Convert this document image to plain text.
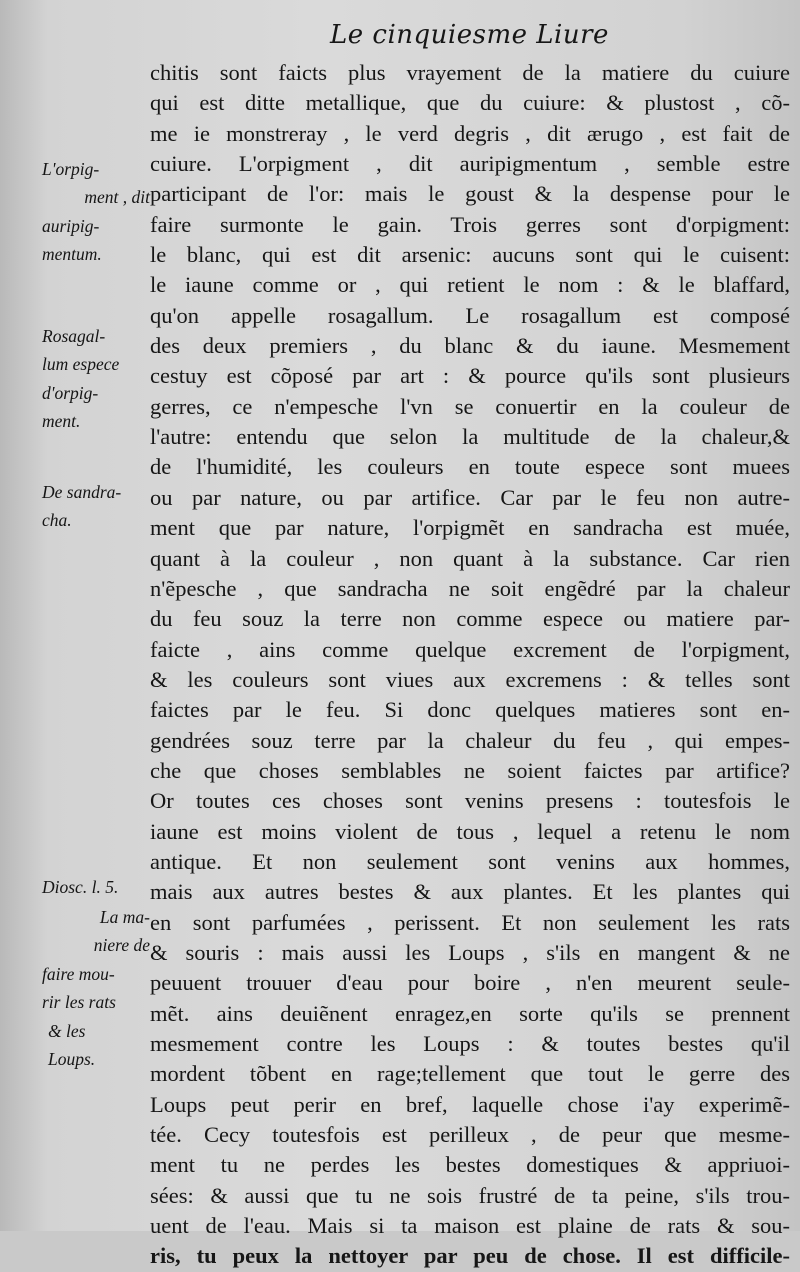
Le cinquiesme Liure
chitis sont faicts plus vrayement de la matiere du cuiure
qui est ditte metallique, que du cuiure: & plustost , cõ-
me ie monstreray , le verd degris , dit ærugo , est fait de
cuiure. L'orpigment , dit auripigmentum , semble estre
participant de l'or: mais le goust & la despense pour le
faire surmonte le gain. Trois gerres sont d'orpigment:
le blanc, qui est dit arsenic: aucuns sont qui le cuisent:
le iaune comme or , qui retient le nom : & le blaffard,
qu'on appelle rosagallum. Le rosagallum est composé
des deux premiers , du blanc & du iaune. Mesmement
cestuy est cõposé par art : & pource qu'ils sont plusieurs
gerres, ce n'empesche l'vn se conuertir en la couleur de
l'autre: entendu que selon la multitude de la chaleur,&
de l'humidité, les couleurs en toute espece sont muees
ou par nature, ou par artifice. Car par le feu non autre-
ment que par nature, l'orpigmẽt en sandracha est muée,
quant à la couleur , non quant à la substance. Car rien
n'ẽpesche , que sandracha ne soit engẽdré par la chaleur
du feu souz la terre non comme espece ou matiere par-
faicte , ains comme quelque excrement de l'orpigment,
& les couleurs sont viues aux excremens : & telles sont
faictes par le feu. Si donc quelques matieres sont en-
gendrées souz terre par la chaleur du feu , qui empes-
che que choses semblables ne soient faictes par artifice?
Or toutes ces choses sont venins presens : toutesfois le
iaune est moins violent de tous , lequel a retenu le nom
antique. Et non seulement sont venins aux hommes,
mais aux autres bestes & aux plantes. Et les plantes qui
en sont parfumées , perissent. Et non seulement les rats
& souris : mais aussi les Loups , s'ils en mangent & ne
peuuent trouuer d'eau pour boire , n'en meurent seule-
mẽt. ains deuiẽnent enragez,en sorte qu'ils se prennent
mesmement contre les Loups : & toutes bestes qu'il
mordent tõbent en rage;tellement que tout le gerre des
Loups peut perir en bref, laquelle chose i'ay experimẽ-
tée. Cecy toutesfois est perilleux , de peur que mesme-
ment tu ne perdes les bestes domestiques & appriuoi-
sées: & aussi que tu ne sois frustré de ta peine, s'ils trou-
uent de l'eau. Mais si ta maison est plaine de rats & sou-
ris, tu peux la nettoyer par peu de chose. Il est difficile-
L'orpig-
ment , dit
auripig-
mentum.
Rosagal-
lum espece
d'orpig-
ment.
De sandra-
cha.
Diosc. l. 5.
La ma-
niere de
faire mou-
rir les rats
& les
Loups.
